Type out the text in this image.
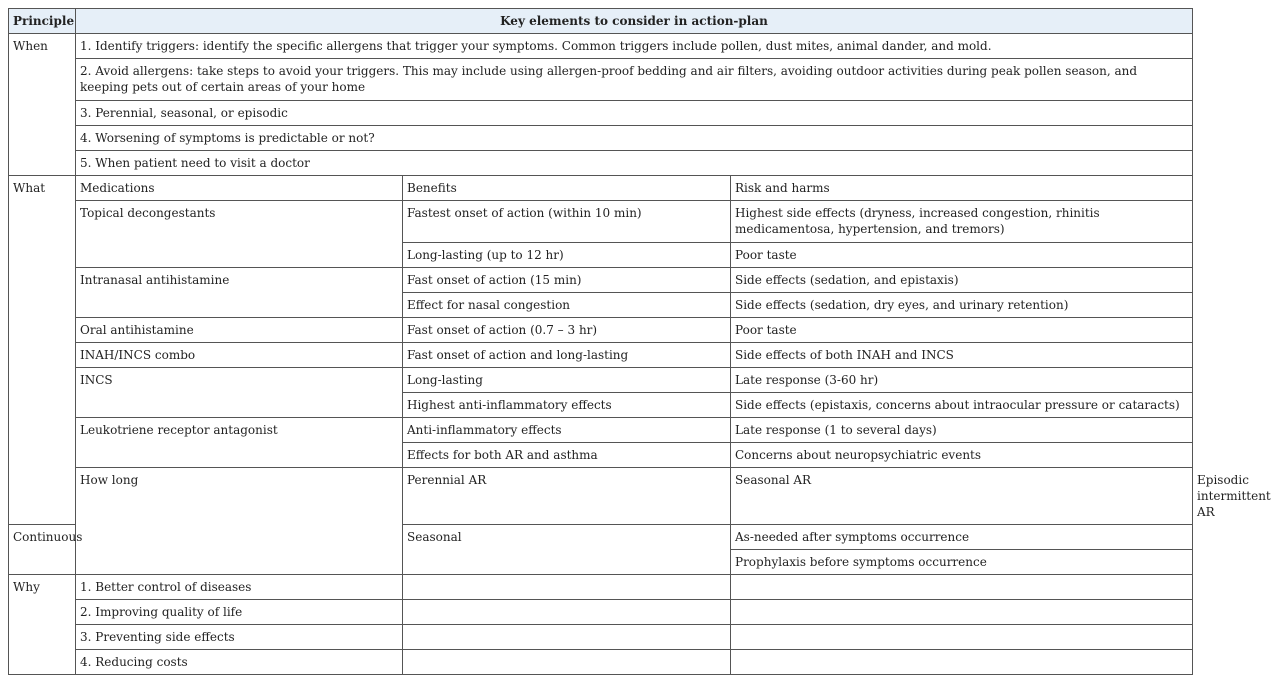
Principle	Key elements to consider in action-plan			
When	1. Identify triggers: identify the specific allergens that trigger your symptoms. Common triggers include pollen, dust mites, animal dander, and mold.			
	2. Avoid allergens: take steps to avoid your triggers. This may include using allergen-proof bedding and air filters, avoiding outdoor activities during peak pollen season, and keeping pets out of certain areas of your home			
	3. Perennial, seasonal, or episodic			
	4. Worsening of symptoms is predictable or not?			
	5. When patient need to visit a doctor			
What	Medications	Benefits	Risk and harms	
	Topical decongestants	Fastest onset of action (within 10 min)	Highest side effects (dryness, increased congestion, rhinitis medicamentosa, hypertension, and tremors)	
		Long-lasting (up to 12 hr)	Poor taste	
	Intranasal antihistamine	Fast onset of action (15 min)	Side effects (sedation, and epistaxis)	
		Effect for nasal congestion	Side effects (sedation, dry eyes, and urinary retention)	
	Oral antihistamine	Fast onset of action (0.7 – 3 hr)	Poor taste	
	INAH/INCS combo	Fast onset of action and long-lasting	Side effects of both INAH and INCS	
	INCS	Long-lasting	Late response (3-60 hr)	
		Highest anti-inflammatory effects	Side effects (epistaxis, concerns about intraocular pressure or cataracts)	
	Leukotriene receptor antagonist	Anti-inflammatory effects	Late response (1 to several days)	
		Effects for both AR and asthma	Concerns about neuropsychiatric events	
	How long	Perennial AR	Seasonal AR	Episodic intermittent AR
Continuous		Seasonal	As-needed after symptoms occurrence	
			Prophylaxis before symptoms occurrence	
Why	1. Better control of diseases			
	2. Improving quality of life			
	3. Preventing side effects			
	4. Reducing costs			
